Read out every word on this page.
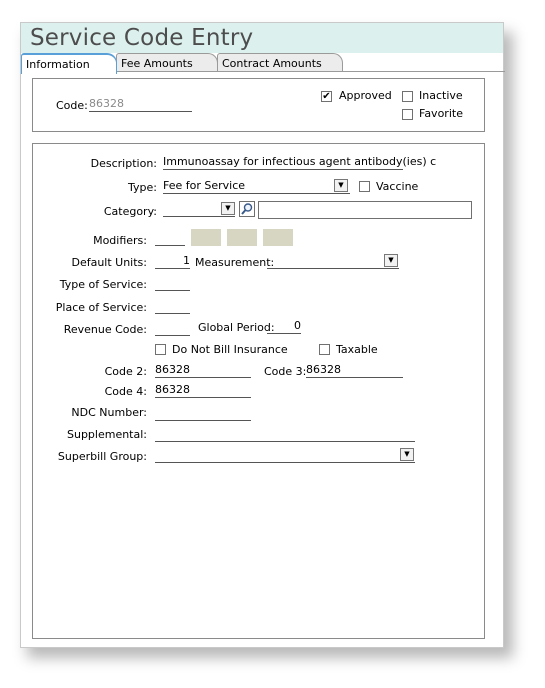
Service Code Entry
Information	Fee Amounts	Contract Amounts
Code: 86328
✔ Approved Inactive
Favorite
Description: Immunoassay for infectious agent antibody(ies) c
Type: Fee for Service	▼	Vaccine
Category:	▼
Modifiers:
Default Units:	1 Measurement:	▼
Type of Service:
Place of Service:
Revenue Code:	Global Period:	0
Do Not Bill Insurance	Taxable
Code 2: 86328	Code 3: 86328
Code 4: 86328
NDC Number:
Supplemental:
Superbill Group:	▼
